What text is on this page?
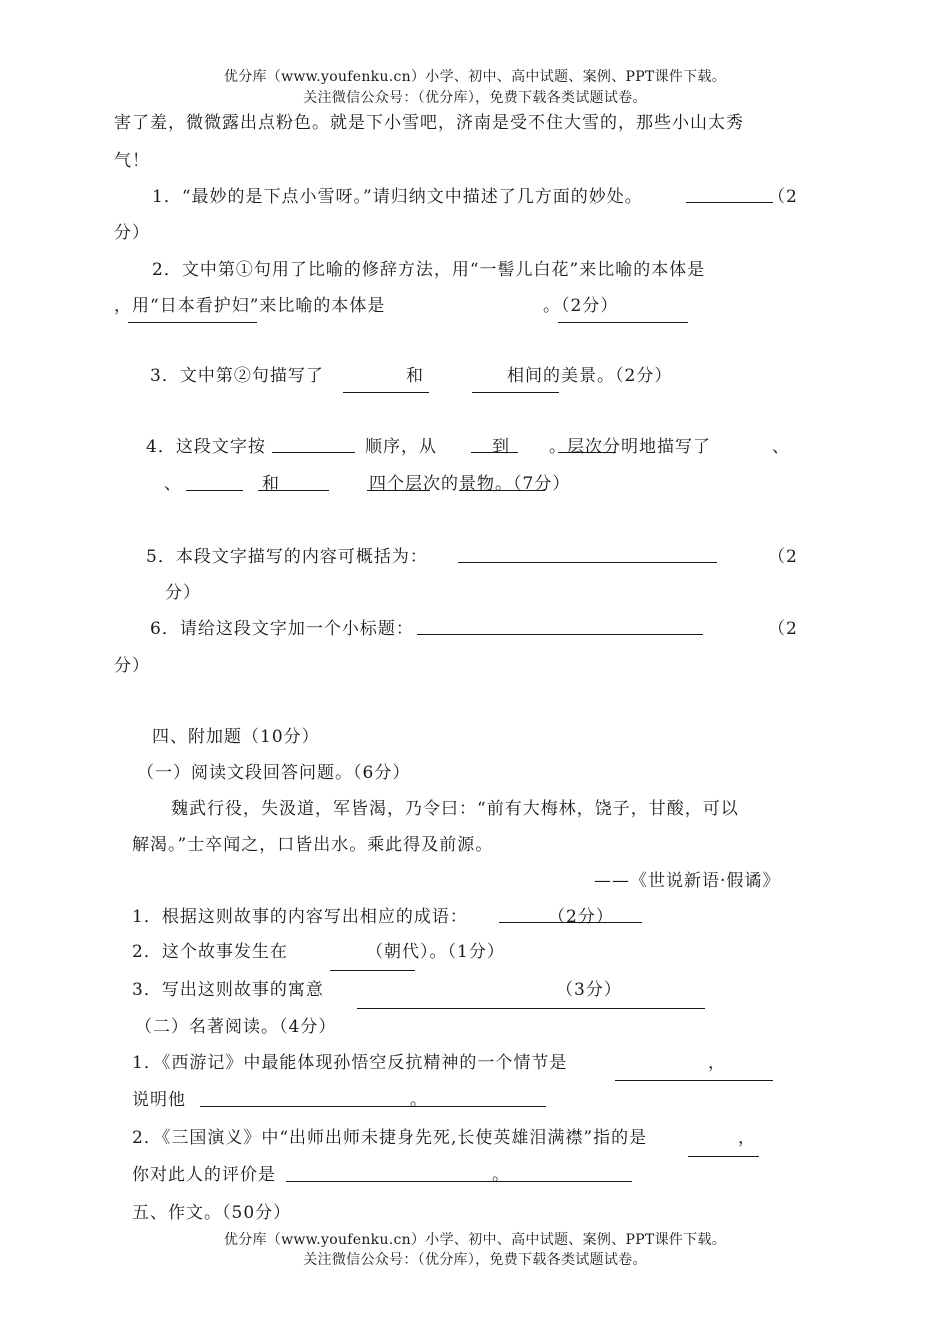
优分库（www.youfenku.cn）小学、初中、高中试题、案例、PPT课件下载。
关注微信公众号：（优分库），免费下载各类试题试卷。
害了羞，微微露出点粉色。就是下小雪吧，济南是受不住大雪的，那些小山太秀
气！
1．“最妙的是下点小雪呀。”请归纳文中描述了几方面的妙处。	（2
分）
2．文中第①句用了比喻的修辞方法，用“一髻儿白花”来比喻的本体是
，用“日本看护妇”来比喻的本体是	。（2分）
3．文中第②句描写了	和	相间的美景。（2分）
4．这段文字按	顺序，从	到 。层次分明地描写了	、
、	和	四个层次的景物。（7分）
5．本段文字描写的内容可概括为：	（2
分）
6．请给这段文字加一个小标题：	（2
分）
四、附加题（10分）
（一）阅读文段回答问题。（6分）
魏武行役，失汲道，军皆渴，乃令曰：“前有大梅林，饶子，甘酸，可以
解渴。”士卒闻之，口皆出水。乘此得及前源。
——《世说新语·假谲》
1．根据这则故事的内容写出相应的成语：	（2分）
2．这个故事发生在	（朝代）。（1分）
3．写出这则故事的寓意	（3分）
（二）名著阅读。（4分）
1．《西游记》中最能体现孙悟空反抗精神的一个情节是	，
说明他	。
2．《三国演义》中“出师出师未捷身先死,长使英雄泪满襟”指的是	，
你对此人的评价是	。
五、作文。（50分）
优分库（www.youfenku.cn）小学、初中、高中试题、案例、PPT课件下载。
关注微信公众号：（优分库），免费下载各类试题试卷。
